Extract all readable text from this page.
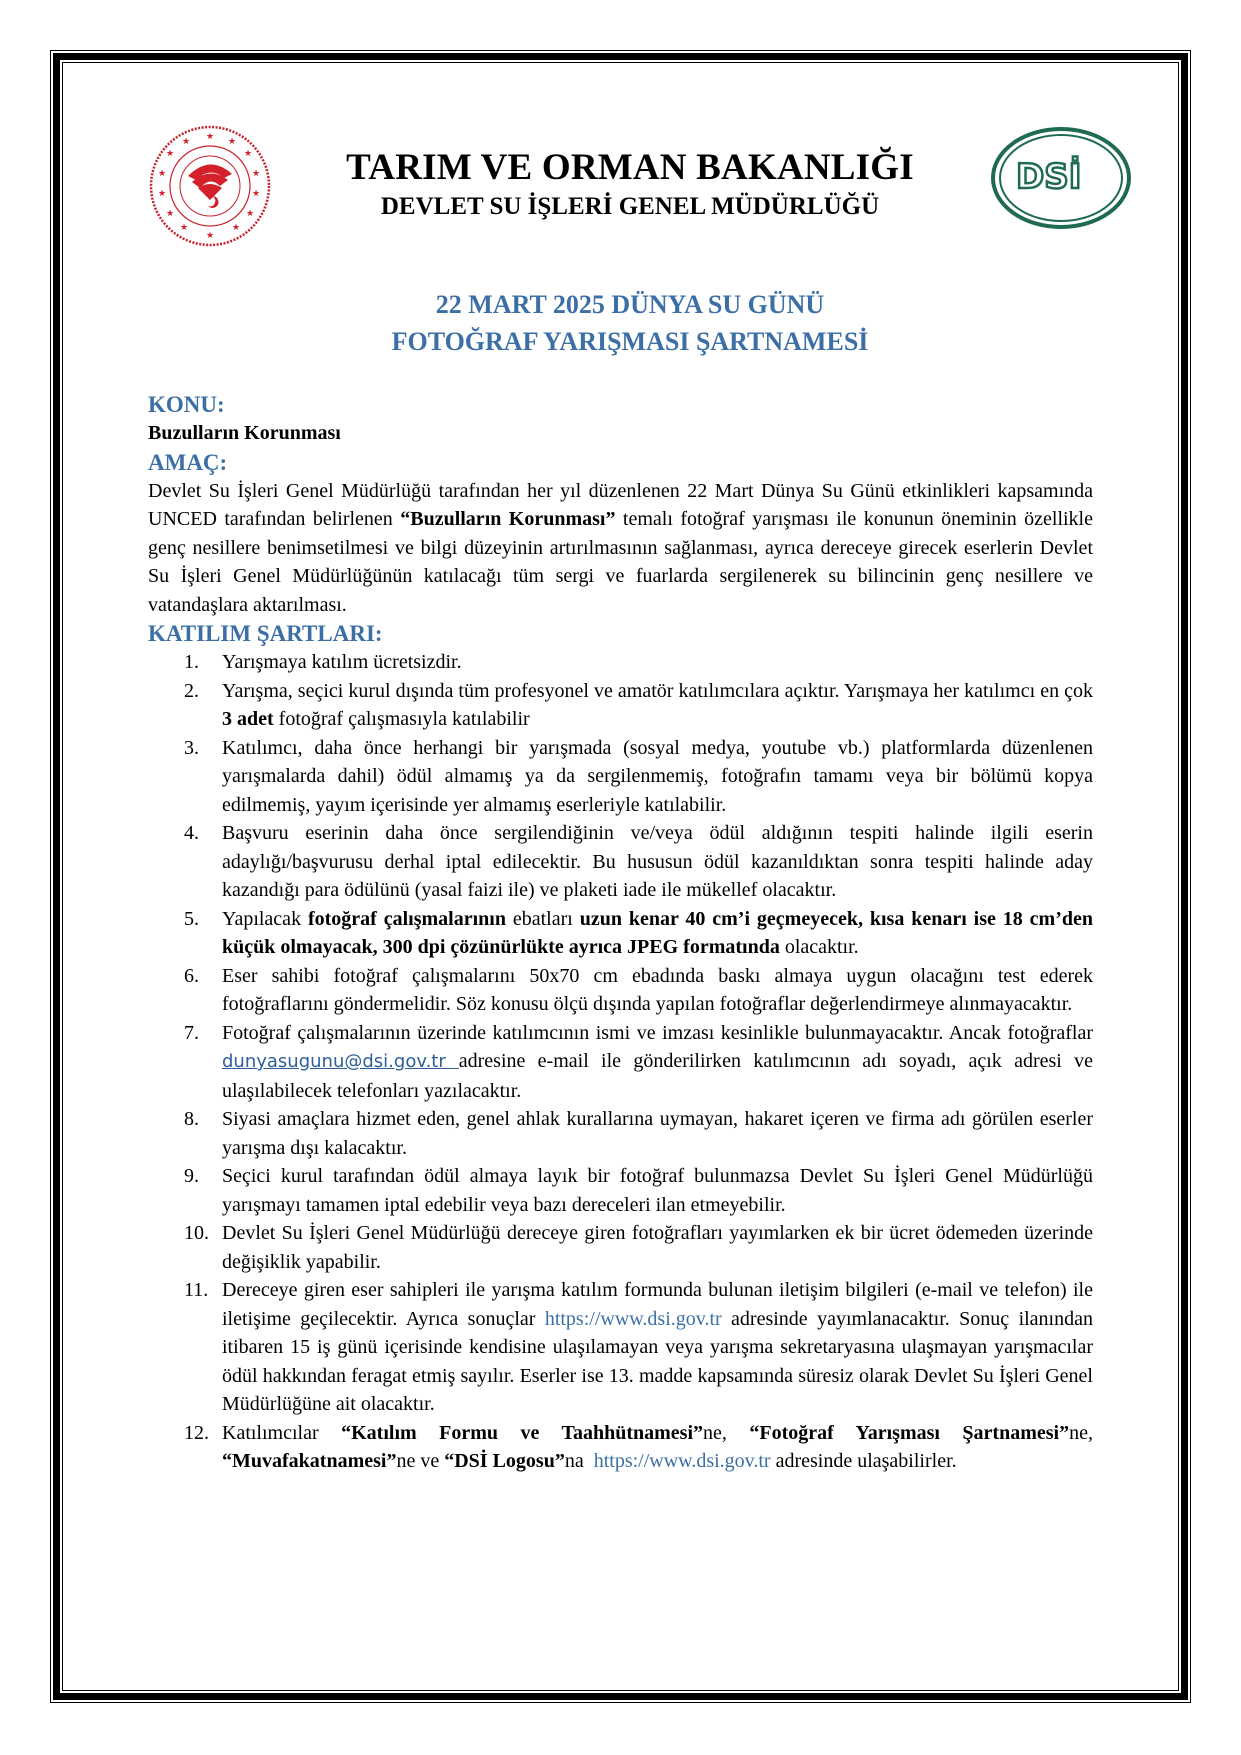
★ ★
★
★
★
★
★
★
★
★
★
★
★
★
★
DSİ
TARIM VE ORMAN BAKANLIĞI
DEVLET SU İŞLERİ GENEL MÜDÜRLÜĞÜ
22 MART 2025 DÜNYA SU GÜNÜ
FOTOĞRAF YARIŞMASI ŞARTNAMESİ
KONU:
Buzulların Korunması
AMAÇ:
Devlet Su İşleri Genel Müdürlüğü tarafından her yıl düzenlenen 22 Mart Dünya Su Günü etkinlikleri kapsamında UNCED tarafından belirlenen “Buzulların Korunması” temalı fotoğraf yarışması ile konunun öneminin özellikle genç nesillere benimsetilmesi ve bilgi düzeyinin artırılmasının sağlanması, ayrıca dereceye girecek eserlerin Devlet Su İşleri Genel Müdürlüğünün katılacağı tüm sergi ve fuarlarda sergilenerek su bilincinin genç nesillere ve vatandaşlara aktarılması.
KATILIM ŞARTLARI:
1. Yarışmaya katılım ücretsizdir.
2. Yarışma, seçici kurul dışında tüm profesyonel ve amatör katılımcılara açıktır. Yarışmaya her katılımcı en çok 3 adet fotoğraf çalışmasıyla katılabilir
3. Katılımcı, daha önce herhangi bir yarışmada (sosyal medya, youtube vb.) platformlarda düzenlenen yarışmalarda dahil) ödül almamış ya da sergilenmemiş, fotoğrafın tamamı veya bir bölümü kopya edilmemiş, yayım içerisinde yer almamış eserleriyle katılabilir.
4. Başvuru eserinin daha önce sergilendiğinin ve/veya ödül aldığının tespiti halinde ilgili eserin adaylığı/başvurusu derhal iptal edilecektir. Bu hususun ödül kazanıldıktan sonra tespiti halinde aday kazandığı para ödülünü (yasal faizi ile) ve plaketi iade ile mükellef olacaktır.
5. Yapılacak fotoğraf çalışmalarının ebatları uzun kenar 40 cm’i geçmeyecek, kısa kenarı ise 18 cm’den küçük olmayacak, 300 dpi çözünürlükte ayrıca JPEG formatında olacaktır.
6. Eser sahibi fotoğraf çalışmalarını 50x70 cm ebadında baskı almaya uygun olacağını test ederek fotoğraflarını göndermelidir. Söz konusu ölçü dışında yapılan fotoğraflar değerlendirmeye alınmayacaktır.
7. Fotoğraf çalışmalarının üzerinde katılımcının ismi ve imzası kesinlikle bulunmayacaktır. Ancak fotoğraflar dunyasugunu@dsi.gov.tr adresine e-mail ile gönderilirken katılımcının adı soyadı, açık adresi ve ulaşılabilecek telefonları yazılacaktır.
8. Siyasi amaçlara hizmet eden, genel ahlak kurallarına uymayan, hakaret içeren ve firma adı görülen eserler yarışma dışı kalacaktır.
9. Seçici kurul tarafından ödül almaya layık bir fotoğraf bulunmazsa Devlet Su İşleri Genel Müdürlüğü yarışmayı tamamen iptal edebilir veya bazı dereceleri ilan etmeyebilir.
10. Devlet Su İşleri Genel Müdürlüğü dereceye giren fotoğrafları yayımlarken ek bir ücret ödemeden üzerinde değişiklik yapabilir.
11. Dereceye giren eser sahipleri ile yarışma katılım formunda bulunan iletişim bilgileri (e-mail ve telefon) ile iletişime geçilecektir. Ayrıca sonuçlar https://www.dsi.gov.tr adresinde yayımlanacaktır. Sonuç ilanından itibaren 15 iş günü içerisinde kendisine ulaşılamayan veya yarışma sekretaryasına ulaşmayan yarışmacılar ödül hakkından feragat etmiş sayılır. Eserler ise 13. madde kapsamında süresiz olarak Devlet Su İşleri Genel Müdürlüğüne ait olacaktır.
12. Katılımcılar “Katılım Formu ve Taahhütnamesi”ne, “Fotoğraf Yarışması Şartnamesi”ne, “Muvafakatnamesi”ne ve “DSİ Logosu”na  https://www.dsi.gov.tr adresinde ulaşabilirler.
